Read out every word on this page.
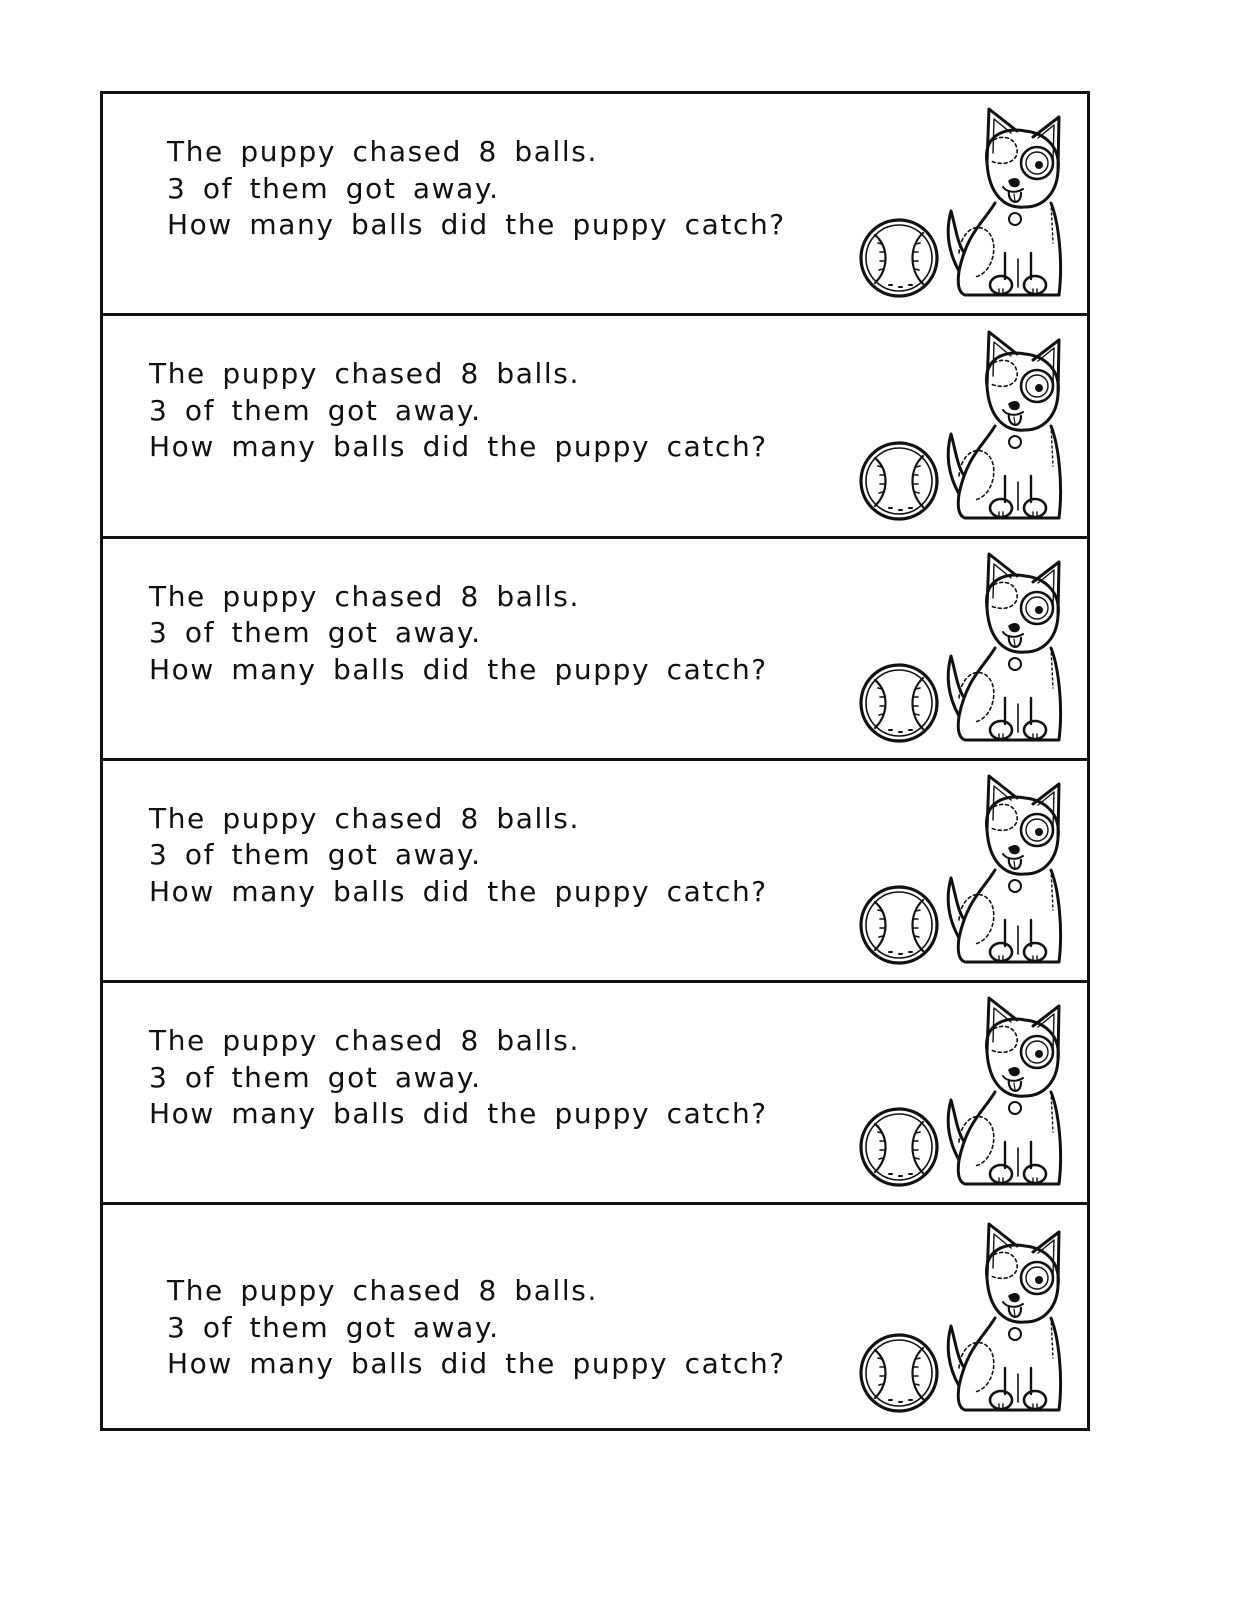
The puppy chased 8 balls.
3 of them got away.
How many balls did the puppy catch?

The puppy chased 8 balls.
3 of them got away.
How many balls did the puppy catch?

The puppy chased 8 balls.
3 of them got away.
How many balls did the puppy catch?

The puppy chased 8 balls.
3 of them got away.
How many balls did the puppy catch?

The puppy chased 8 balls.
3 of them got away.
How many balls did the puppy catch?

The puppy chased 8 balls.
3 of them got away.
How many balls did the puppy catch?
